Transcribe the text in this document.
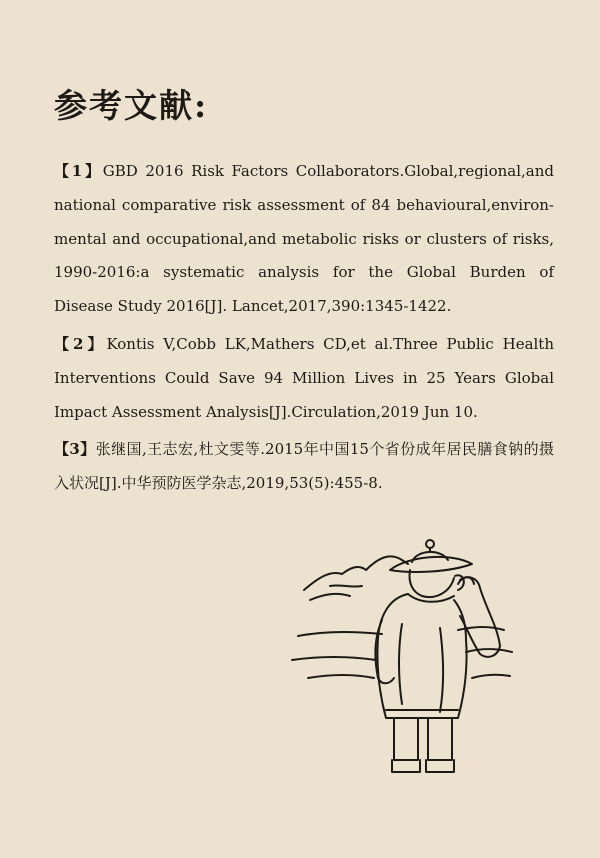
参考文献:

【1】GBD 2016 Risk Factors Collaborators.Global,regional,and national comparative risk assessment of 84 behavioural,environ-mental and occupational,and metabolic risks or clusters of risks, 1990-2016:a systematic analysis for the Global Burden of Disease Study 2016[J]. Lancet,2017,390:1345-1422.

【2】Kontis V,Cobb LK,Mathers CD,et al.Three Public Health Interventions Could Save 94 Million Lives in 25 Years Global Impact Assessment Analysis[J].Circulation,2019 Jun 10.

【3】张继国,王志宏,杜文雯等.2015年中国15个省份成年居民膳食钠的摄入状况[J].中华预防医学杂志,2019,53(5):455-8.
